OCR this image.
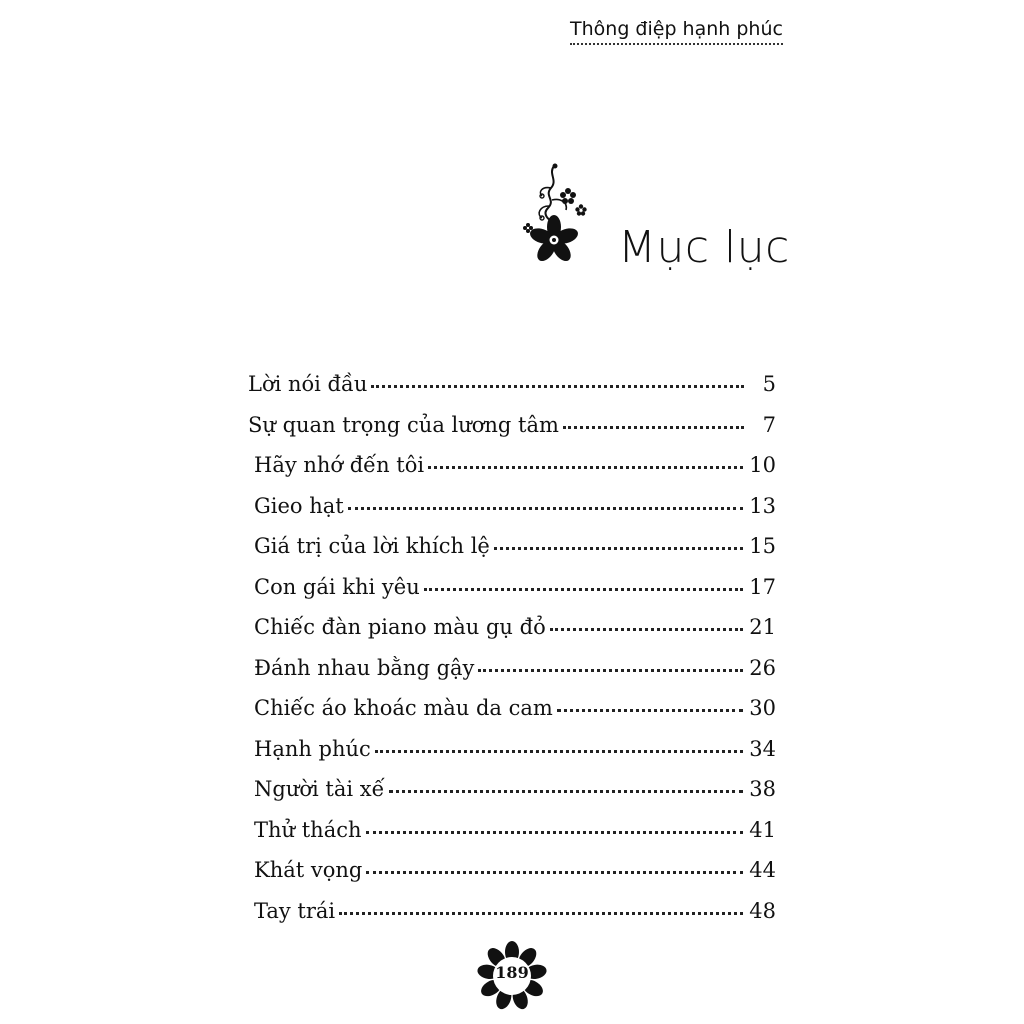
Thông điệp hạnh phúc
Mục lục
Lời nói đầu	5
Sự quan trọng của lương tâm	7
Hãy nhớ đến tôi	10
Gieo hạt	13
Giá trị của lời khích lệ	15
Con gái khi yêu	17
Chiếc đàn piano màu gụ đỏ	21
Đánh nhau bằng gậy	26
Chiếc áo khoác màu da cam	30
Hạnh phúc	34
Người tài xế	38
Thử thách	41
Khát vọng	44
Tay trái	48
189
